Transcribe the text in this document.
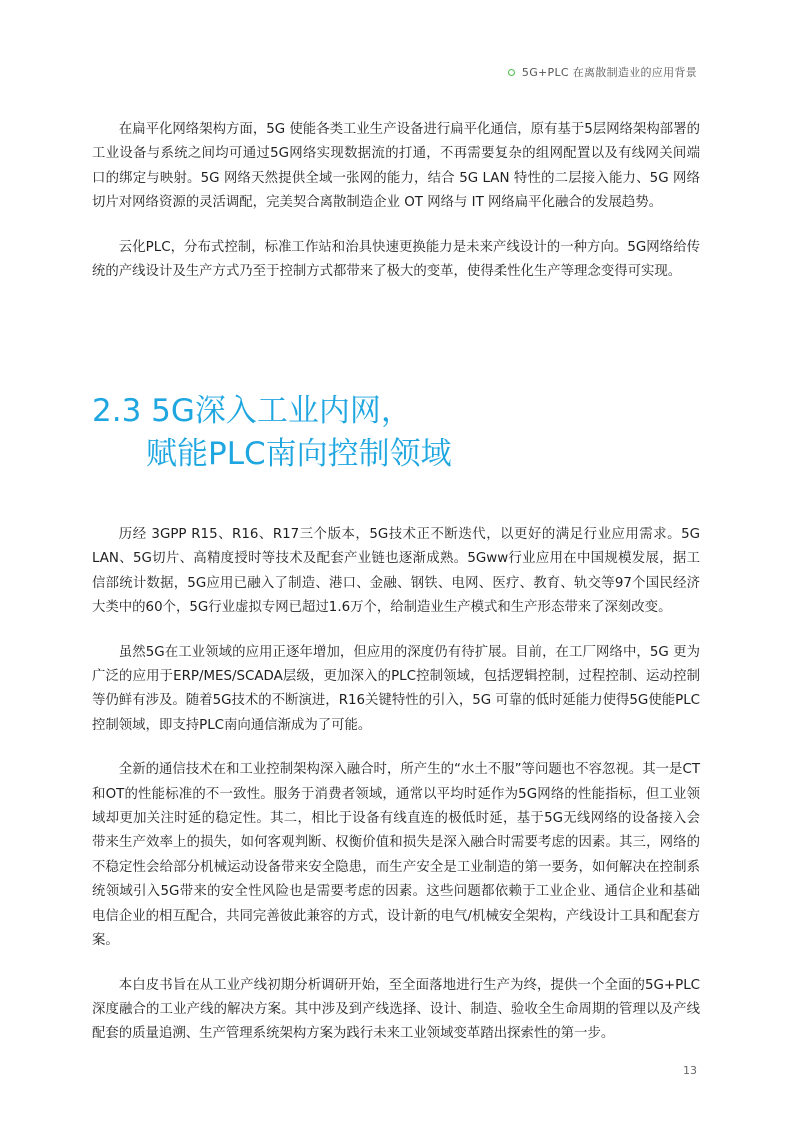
5G+PLC 在离散制造业的应用背景

在扁平化网络架构方面，5G 使能各类工业生产设备进行扁平化通信，原有基于5层网络架构部署的工业设备与系统之间均可通过5G网络实现数据流的打通，不再需要复杂的组网配置以及有线网关间端口的绑定与映射。5G 网络天然提供全域一张网的能力，结合 5G LAN 特性的二层接入能力、5G 网络切片对网络资源的灵活调配，完美契合离散制造企业 OT 网络与 IT 网络扁平化融合的发展趋势。

云化PLC，分布式控制，标准工作站和治具快速更换能力是未来产线设计的一种方向。5G网络给传统的产线设计及生产方式乃至于控制方式都带来了极大的变革，使得柔性化生产等理念变得可实现。

2.3 5G深入工业内网，
赋能PLC南向控制领域

历经 3GPP R15、R16、R17三个版本，5G技术正不断迭代，以更好的满足行业应用需求。5G LAN、5G切片、高精度授时等技术及配套产业链也逐渐成熟。5Gww行业应用在中国规模发展，据工信部统计数据，5G应用已融入了制造、港口、金融、钢铁、电网、医疗、教育、轨交等97个国民经济大类中的60个，5G行业虚拟专网已超过1.6万个，给制造业生产模式和生产形态带来了深刻改变。

虽然5G在工业领域的应用正逐年增加，但应用的深度仍有待扩展。目前，在工厂网络中，5G 更为广泛的应用于ERP/MES/SCADA层级，更加深入的PLC控制领域，包括逻辑控制，过程控制、运动控制等仍鲜有涉及。随着5G技术的不断演进，R16关键特性的引入，5G 可靠的低时延能力使得5G使能PLC控制领域，即支持PLC南向通信渐成为了可能。

全新的通信技术在和工业控制架构深入融合时，所产生的“水土不服”等问题也不容忽视。其一是CT和OT的性能标准的不一致性。服务于消费者领域，通常以平均时延作为5G网络的性能指标，但工业领域却更加关注时延的稳定性。其二，相比于设备有线直连的极低时延，基于5G无线网络的设备接入会带来生产效率上的损失，如何客观判断、权衡价值和损失是深入融合时需要考虑的因素。其三，网络的不稳定性会给部分机械运动设备带来安全隐患，而生产安全是工业制造的第一要务，如何解决在控制系统领域引入5G带来的安全性风险也是需要考虑的因素。这些问题都依赖于工业企业、通信企业和基础电信企业的相互配合，共同完善彼此兼容的方式，设计新的电气/机械安全架构，产线设计工具和配套方案。

本白皮书旨在从工业产线初期分析调研开始，至全面落地进行生产为终，提供一个全面的5G+PLC 深度融合的工业产线的解决方案。其中涉及到产线选择、设计、制造、验收全生命周期的管理以及产线配套的质量追溯、生产管理系统架构方案为践行未来工业领域变革踏出探索性的第一步。

13
